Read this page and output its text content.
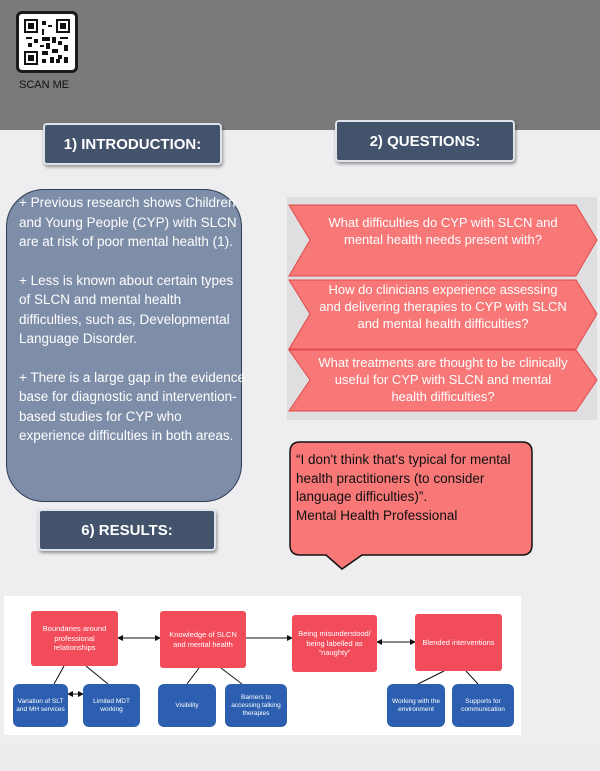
SCAN ME
1) INTRODUCTION:	2) QUESTIONS:

+ Previous research shows Children and Young People (CYP) with SLCN are at risk of poor mental health (1).

+ Less is known about certain types of SLCN and mental health difficulties, such as, Developmental Language Disorder.

+ There is a large gap in the evidence base for diagnostic and intervention-based studies for CYP who experience difficulties in both areas.

What difficulties do CYP with SLCN and mental health needs present with?
How do clinicians experience assessing and delivering therapies to CYP with SLCN and mental health difficulties?
What treatments are thought to be clinically useful for CYP with SLCN and mental health difficulties?
“I don't think that's typical for mental health practitioners (to consider language difficulties)”.
Mental Health Professional
6) RESULTS:
Boundaries around professional relationships
Knowledge of SLCN and mental health
Being misunderstood/ being labelled as “naughty”
Blended interventions
Variation of SLT and MH services
Limited MDT working
Visibility
Barriers to accessing talking therapies
Working with the environment
Supports for communication
